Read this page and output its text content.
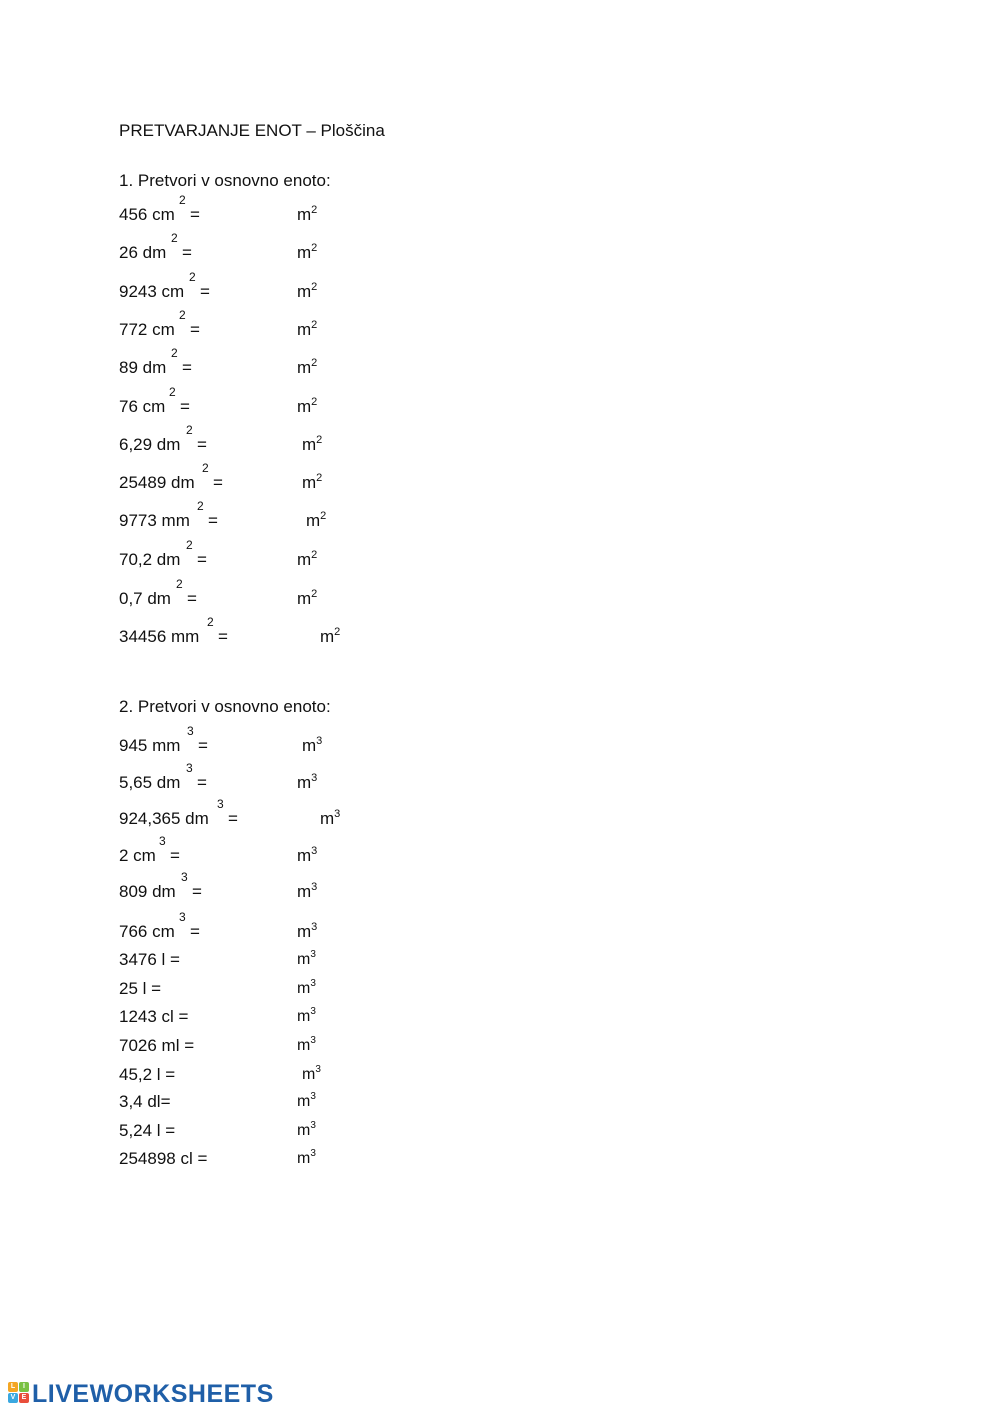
PRETVARJANJE ENOT – Ploščina
1. Pretvori v osnovno enoto:
456 cm
2
=	$m^2$
26 dm
2
=	$m^2$
9243 cm
2
=	$m^2$
772 cm
2
=	$m^2$
89 dm
2
=	$m^2$
76 cm
2
=	$m^2$
6,29 dm
2
=	$m^2$
25489 dm
2
=	$m^2$
9773 mm
2
=	$m^2$
70,2 dm
2
=	$m^2$
0,7 dm
2
=	$m^2$
34456 mm
2
=	$m^2$
2. Pretvori v osnovno enoto:
945 mm
3
=	$m^3$
5,65 dm
3
=	$m^3$
924,365 dm
3
=	$m^3$
2 cm
3
=	$m^3$
809 dm
3
=	$m^3$
766 cm
3
=	$m^3$
3476 l =	$m^3$
25 l =	$m^3$
1243 cl =	$m^3$
7026 ml =	$m^3$
45,2 l =	$m^3$
3,4 dl=	$m^3$
5,24 l =	$m^3$
254898 cl =	$m^3$
L	I
V E LIVEWORKSHEETS
